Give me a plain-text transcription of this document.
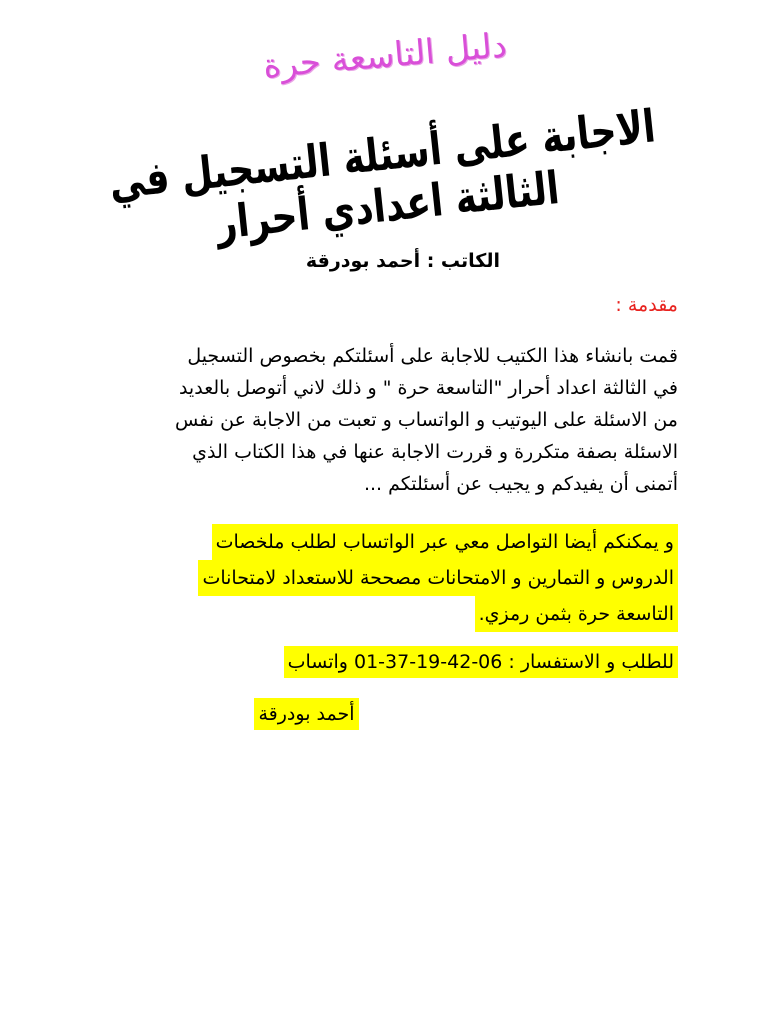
دليل التاسعة حرة
الاجابة على أسئلة التسجيل في الثالثة اعدادي أحرار
الكاتب : أحمد بودرقة
مقدمة :
قمت بانشاء هذا الكتيب للاجابة على أسئلتكم بخصوص التسجيل
في الثالثة اعداد أحرار "التاسعة حرة " و ذلك لاني أتوصل بالعديد
من الاسئلة على اليوتيب و الواتساب و تعبت من الاجابة عن نفس
الاسئلة بصفة متكررة و قررت الاجابة عنها في هذا الكتاب الذي
أتمنى أن يفيدكم و يجيب عن أسئلتكم ...
و يمكنكم أيضا التواصل معي عبر الواتساب لطلب ملخصات
الدروس و التمارين و الامتحانات مصححة للاستعداد لامتحانات
التاسعة حرة بثمن رمزي.
للطلب و الاستفسار : 06-42-19-37-01 واتساب
أحمد بودرقة
